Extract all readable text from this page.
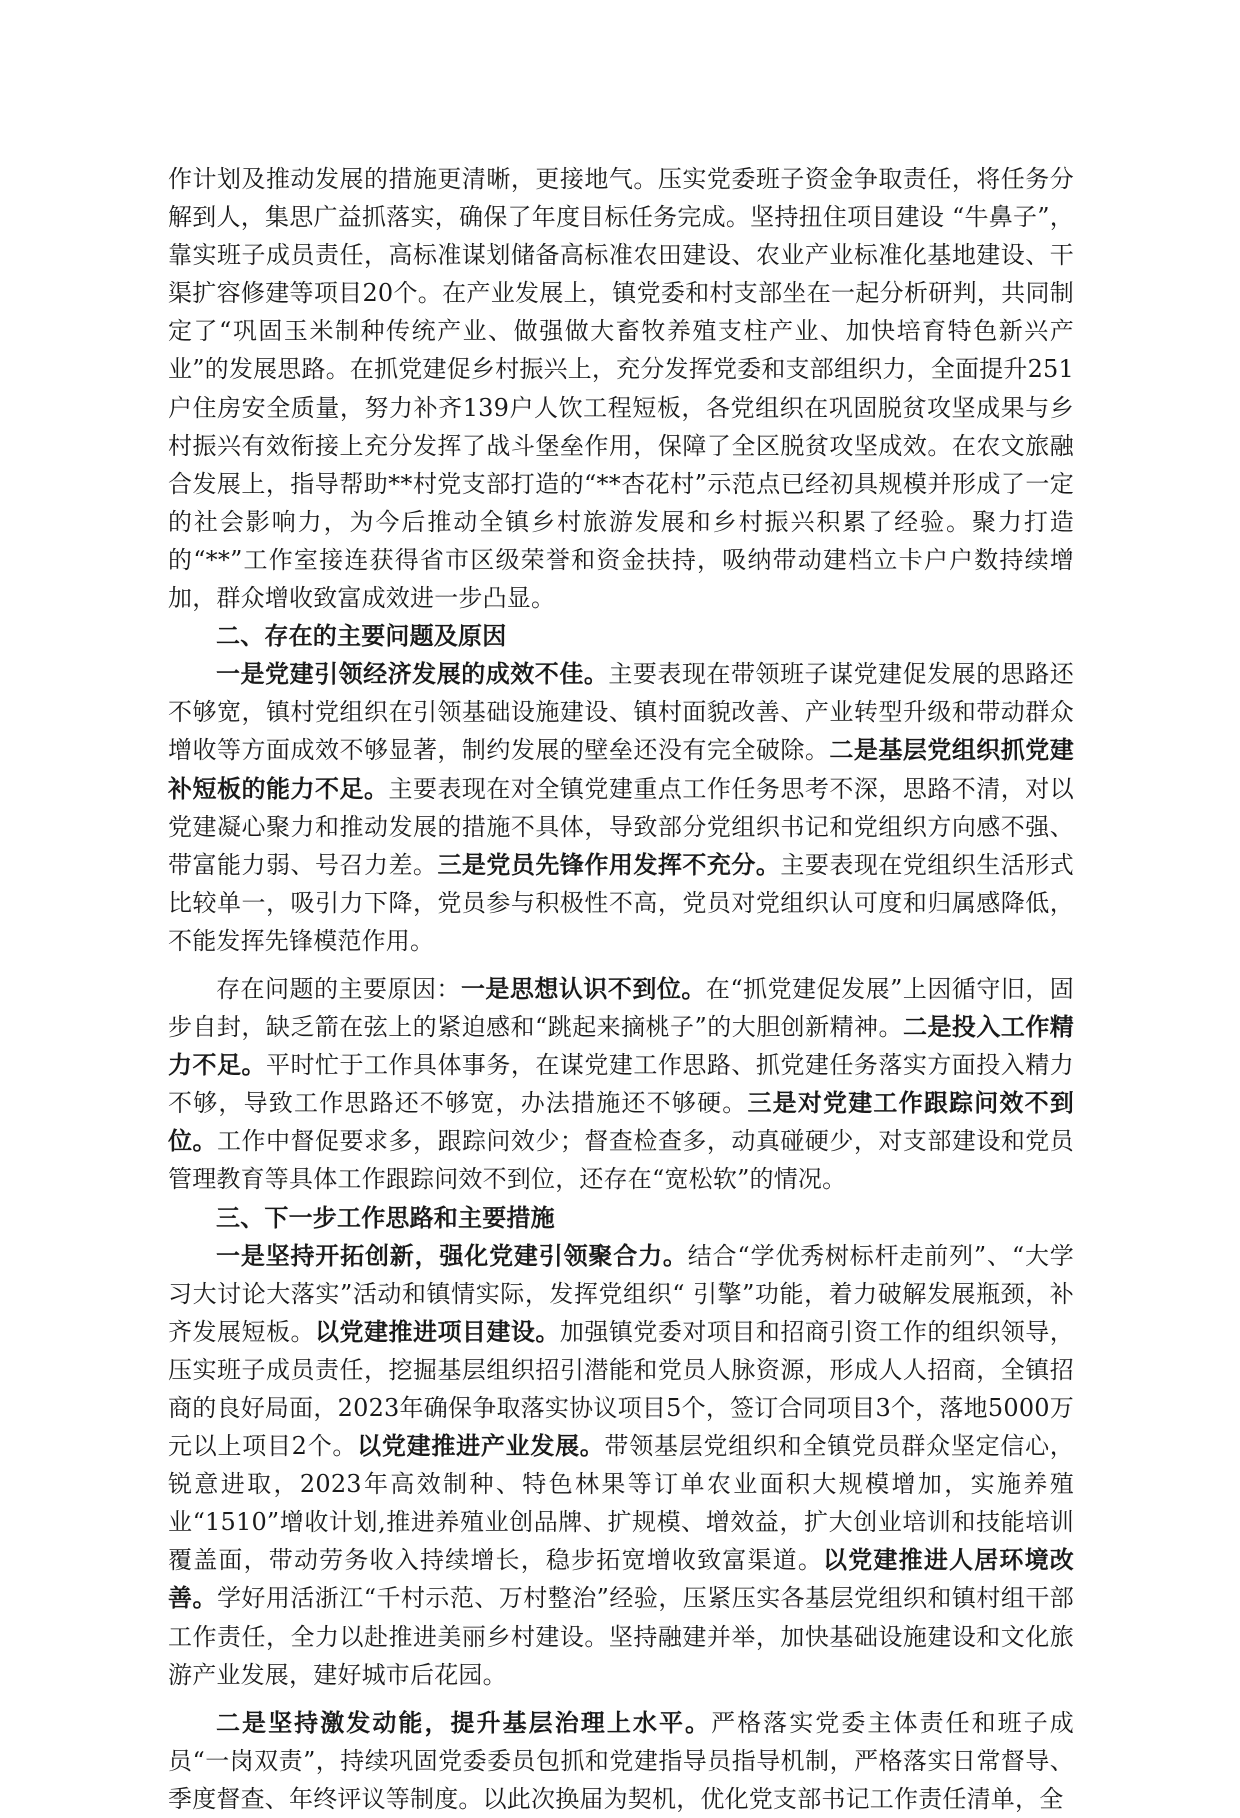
作计划及推动发展的措施更清晰，更接地气。压实党委班子资金争取责任，将任务分解到人，集思广益抓落实，确保了年度目标任务完成。坚持扭住项目建设 “牛鼻子”，靠实班子成员责任，高标准谋划储备高标准农田建设、农业产业标准化基地建设、干渠扩容修建等项目20个。在产业发展上，镇党委和村支部坐在一起分析研判，共同制定了“巩固玉米制种传统产业、做强做大畜牧养殖支柱产业、加快培育特色新兴产业”的发展思路。在抓党建促乡村振兴上，充分发挥党委和支部组织力，全面提升251户住房安全质量，努力补齐139户人饮工程短板，各党组织在巩固脱贫攻坚成果与乡村振兴有效衔接上充分发挥了战斗堡垒作用，保障了全区脱贫攻坚成效。在农文旅融合发展上，指导帮助**村党支部打造的“**杏花村”示范点已经初具规模并形成了一定的社会影响力，为今后推动全镇乡村旅游发展和乡村振兴积累了经验。聚力打造的“**”工作室接连获得省市区级荣誉和资金扶持，吸纳带动建档立卡户户数持续增加，群众增收致富成效进一步凸显。

二、存在的主要问题及原因

一是党建引领经济发展的成效不佳。主要表现在带领班子谋党建促发展的思路还不够宽，镇村党组织在引领基础设施建设、镇村面貌改善、产业转型升级和带动群众增收等方面成效不够显著，制约发展的壁垒还没有完全破除。二是基层党组织抓党建补短板的能力不足。主要表现在对全镇党建重点工作任务思考不深，思路不清，对以党建凝心聚力和推动发展的措施不具体，导致部分党组织书记和党组织方向感不强、带富能力弱、号召力差。三是党员先锋作用发挥不充分。主要表现在党组织生活形式比较单一，吸引力下降，党员参与积极性不高，党员对党组织认可度和归属感降低，不能发挥先锋模范作用。

存在问题的主要原因：一是思想认识不到位。在“抓党建促发展”上因循守旧，固步自封，缺乏箭在弦上的紧迫感和“跳起来摘桃子”的大胆创新精神。二是投入工作精力不足。平时忙于工作具体事务，在谋党建工作思路、抓党建任务落实方面投入精力不够，导致工作思路还不够宽，办法措施还不够硬。三是对党建工作跟踪问效不到位。工作中督促要求多，跟踪问效少；督查检查多，动真碰硬少，对支部建设和党员管理教育等具体工作跟踪问效不到位，还存在“宽松软”的情况。

三、下一步工作思路和主要措施

一是坚持开拓创新，强化党建引领聚合力。结合“学优秀树标杆走前列”、“大学习大讨论大落实”活动和镇情实际，发挥党组织“ 引擎”功能，着力破解发展瓶颈，补齐发展短板。以党建推进项目建设。加强镇党委对项目和招商引资工作的组织领导，压实班子成员责任，挖掘基层组织招引潜能和党员人脉资源，形成人人招商，全镇招商的良好局面，2023年确保争取落实协议项目5个，签订合同项目3个，落地5000万元以上项目2个。以党建推进产业发展。带领基层党组织和全镇党员群众坚定信心，锐意进取，2023年高效制种、特色林果等订单农业面积大规模增加，实施养殖业“1510”增收计划,推进养殖业创品牌、扩规模、增效益，扩大创业培训和技能培训覆盖面，带动劳务收入持续增长，稳步拓宽增收致富渠道。以党建推进人居环境改善。学好用活浙江“千村示范、万村整治”经验，压紧压实各基层党组织和镇村组干部工作责任，全力以赴推进美丽乡村建设。坚持融建并举，加快基础设施建设和文化旅游产业发展，建好城市后花园。

二是坚持激发动能，提升基层治理上水平。严格落实党委主体责任和班子成员“一岗双责”，持续巩固党委委员包抓和党建指导员指导机制，严格落实日常督导、季度督查、年终评议等制度。以此次换届为契机，优化党支部书记工作责任清单，全
